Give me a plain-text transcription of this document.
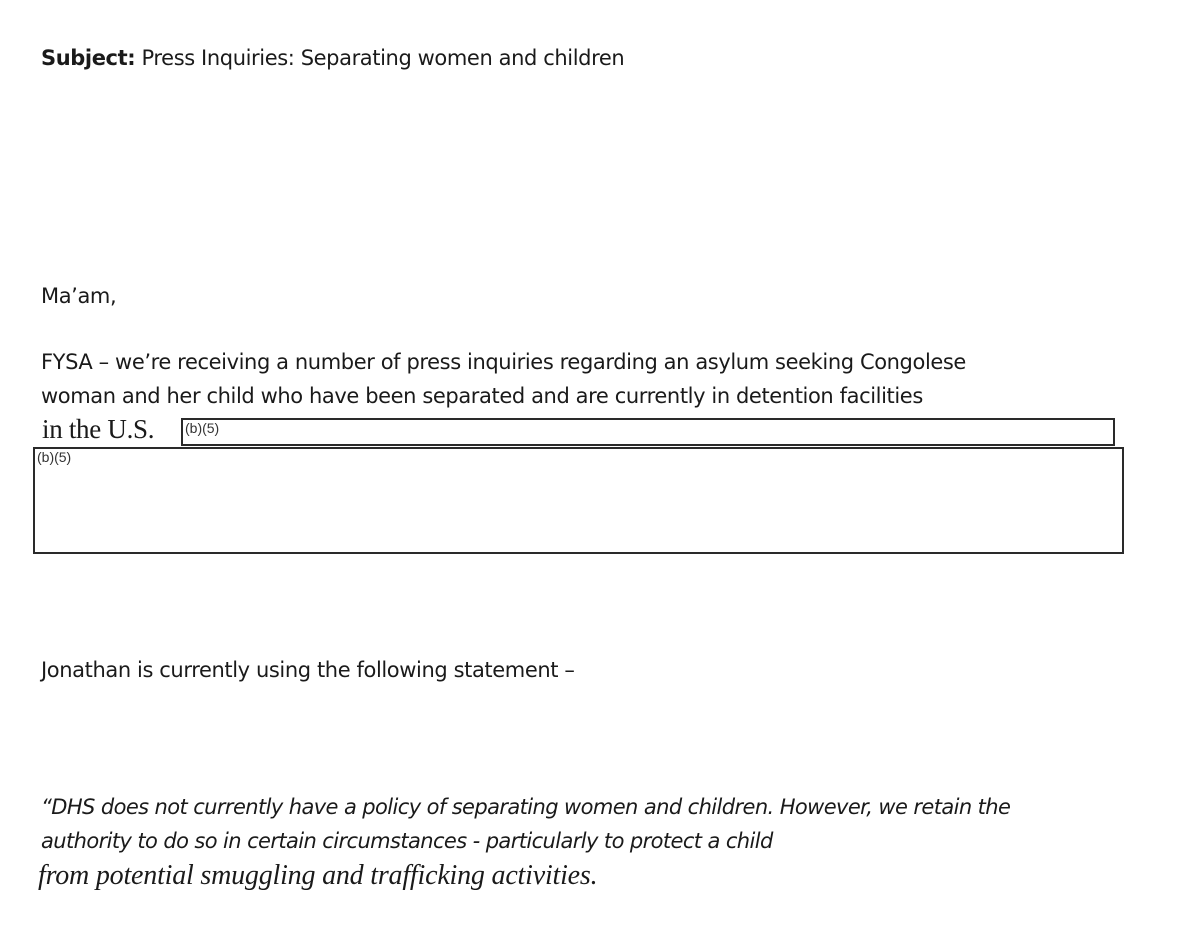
Subject: Press Inquiries: Separating women and children
Ma’am,
FYSA – we’re receiving a number of press inquiries regarding an asylum seeking Congolese
woman and her child who have been separated and are currently in detention facilities
in the U.S. (b)(5)
(b)(5)
Jonathan is currently using the following statement –
“DHS does not currently have a policy of separating women and children. However, we retain the
authority to do so in certain circumstances - particularly to protect a child
from potential smuggling and trafficking activities.
